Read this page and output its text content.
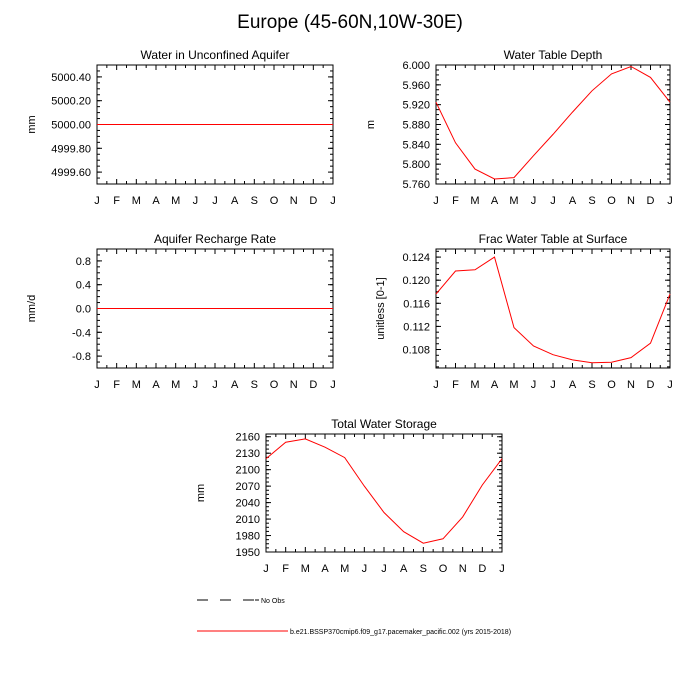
Europe (45-60N,10W-30E)
Water in Unconfined Aquifer
mm
J F M A M J J A S O N D J
4999.60
4999.80
5000.00
5000.20
5000.40
Water Table Depth
m
J F M A M J J A S O N D J
5.760
5.800
5.840
5.880
5.920
5.960
6.000
Aquifer Recharge Rate
mm/d
J F M A M J J A S O N D J
-0.8
-0.4
0.0
0.4
0.8
Frac Water Table at Surface
unitless [0-1]
J F M A M J J A S O N D J
0.108
0.112
0.116
0.120
0.124
Total Water Storage
mm
J F M A M J J A S O N D J
1950
1980
2010
2040
2070
2100
2130
2160
No Obs
b.e21.BSSP370cmip6.f09_g17.pacemaker_pacific.002 (yrs 2015-2018)
